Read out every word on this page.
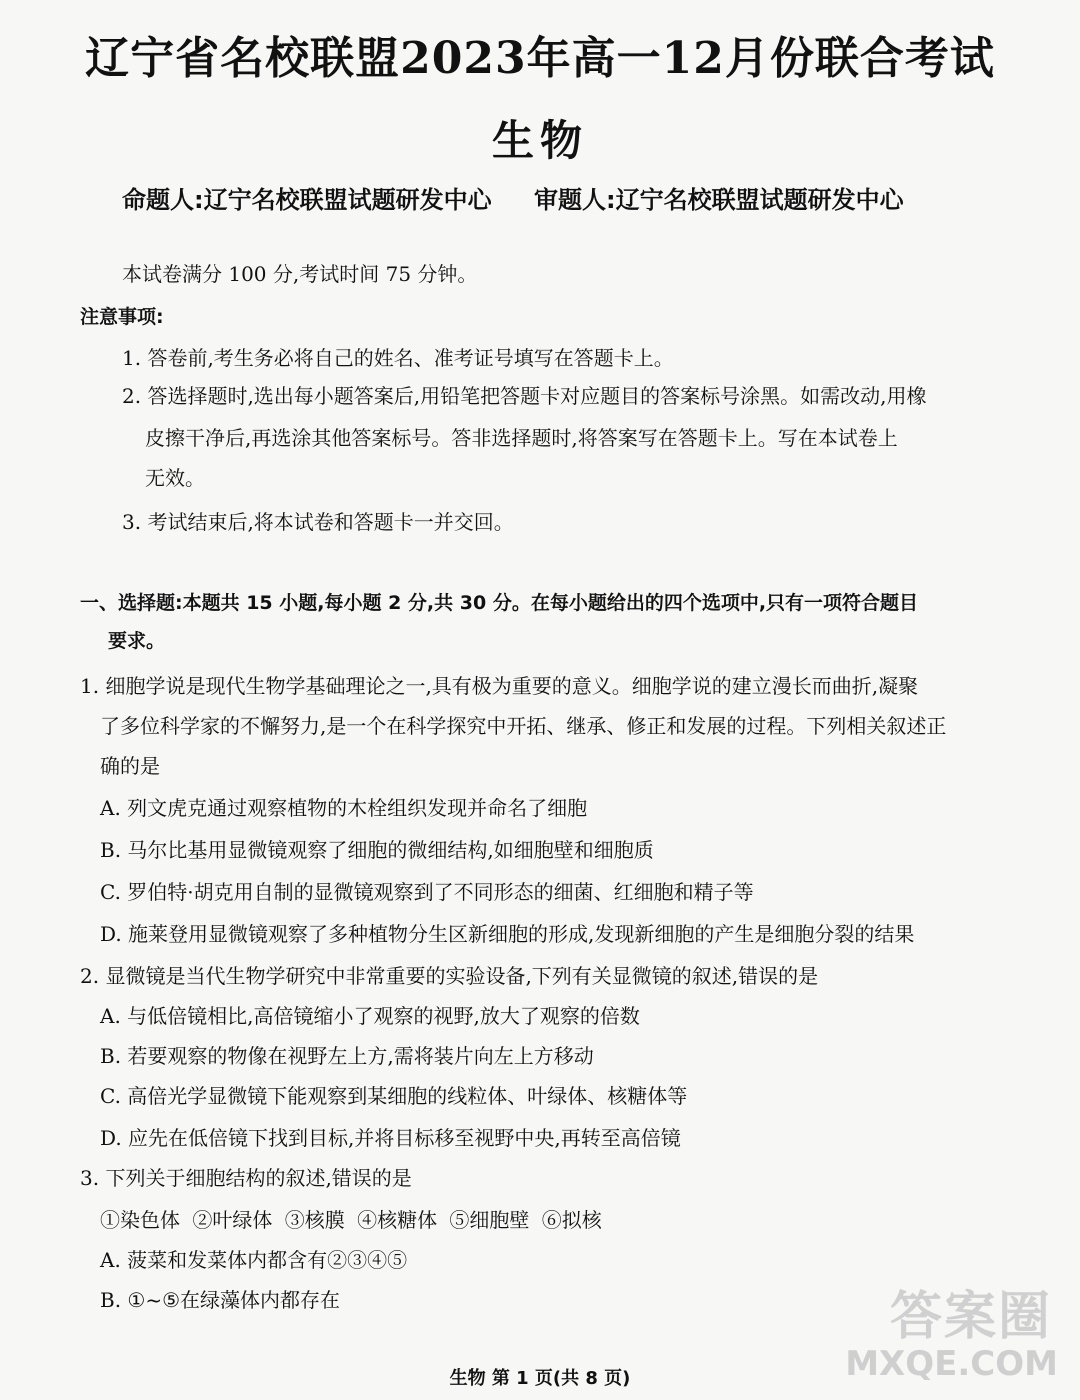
辽宁省名校联盟2023年高一12月份联合考试
生物
命题人:辽宁名校联盟试题研发中心 审题人:辽宁名校联盟试题研发中心
本试卷满分 100 分,考试时间 75 分钟。
注意事项:
1. 答卷前,考生务必将自己的姓名、准考证号填写在答题卡上。
2. 答选择题时,选出每小题答案后,用铅笔把答题卡对应题目的答案标号涂黑。如需改动,用橡
皮擦干净后,再选涂其他答案标号。答非选择题时,将答案写在答题卡上。写在本试卷上
无效。
3. 考试结束后,将本试卷和答题卡一并交回。
一、选择题:本题共 15 小题,每小题 2 分,共 30 分。在每小题给出的四个选项中,只有一项符合题目
要求。
1. 细胞学说是现代生物学基础理论之一,具有极为重要的意义。细胞学说的建立漫长而曲折,凝聚
了多位科学家的不懈努力,是一个在科学探究中开拓、继承、修正和发展的过程。下列相关叙述正
确的是
A. 列文虎克通过观察植物的木栓组织发现并命名了细胞
B. 马尔比基用显微镜观察了细胞的微细结构,如细胞壁和细胞质
C. 罗伯特·胡克用自制的显微镜观察到了不同形态的细菌、红细胞和精子等
D. 施莱登用显微镜观察了多种植物分生区新细胞的形成,发现新细胞的产生是细胞分裂的结果
2. 显微镜是当代生物学研究中非常重要的实验设备,下列有关显微镜的叙述,错误的是
A. 与低倍镜相比,高倍镜缩小了观察的视野,放大了观察的倍数
B. 若要观察的物像在视野左上方,需将装片向左上方移动
C. 高倍光学显微镜下能观察到某细胞的线粒体、叶绿体、核糖体等
D. 应先在低倍镜下找到目标,并将目标移至视野中央,再转至高倍镜
3. 下列关于细胞结构的叙述,错误的是
①染色体 ②叶绿体 ③核膜 ④核糖体 ⑤细胞壁 ⑥拟核
A. 菠菜和发菜体内都含有②③④⑤
B. ①~⑤在绿藻体内都存在
生物 第 1 页(共 8 页)
答案圈
MXQE.COM
